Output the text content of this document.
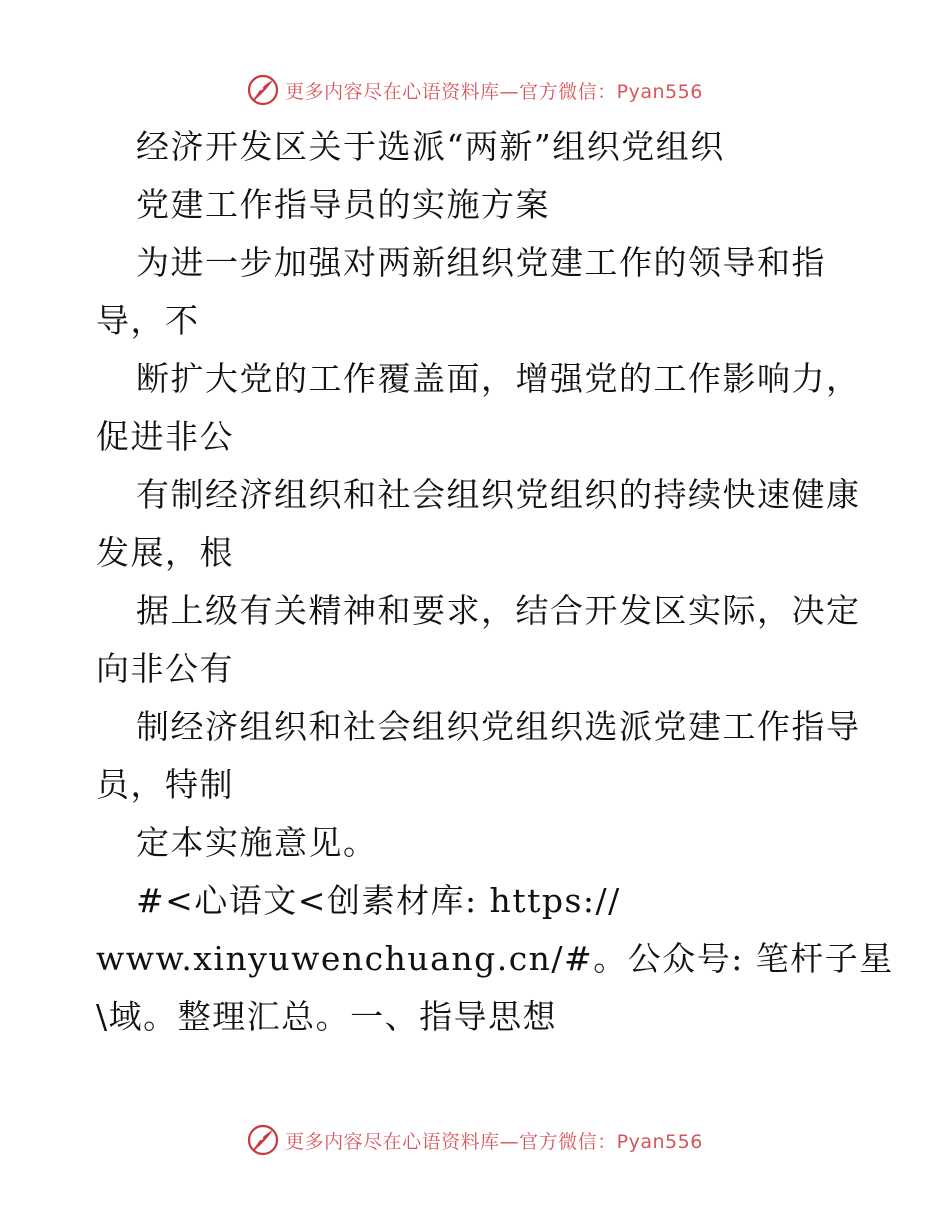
更多内容尽在心语资料库—官方微信：Pyan556
经济开发区关于选派“两新”组织党组织
党建工作指导员的实施方案
为进一步加强对两新组织党建工作的领导和指
导，不
断扩大党的工作覆盖面，增强党的工作影响力，
促进非公
有制经济组织和社会组织党组织的持续快速健康
发展，根
据上级有关精神和要求，结合开发区实际，决定
向非公有
制经济组织和社会组织党组织选派党建工作指导
员，特制
定本实施意见。
#<心语文<创素材库: https://
www.xinyuwenchuang.cn/#。公众号: 笔杆子星
\域。整理汇总。一、指导思想
更多内容尽在心语资料库—官方微信：Pyan556
